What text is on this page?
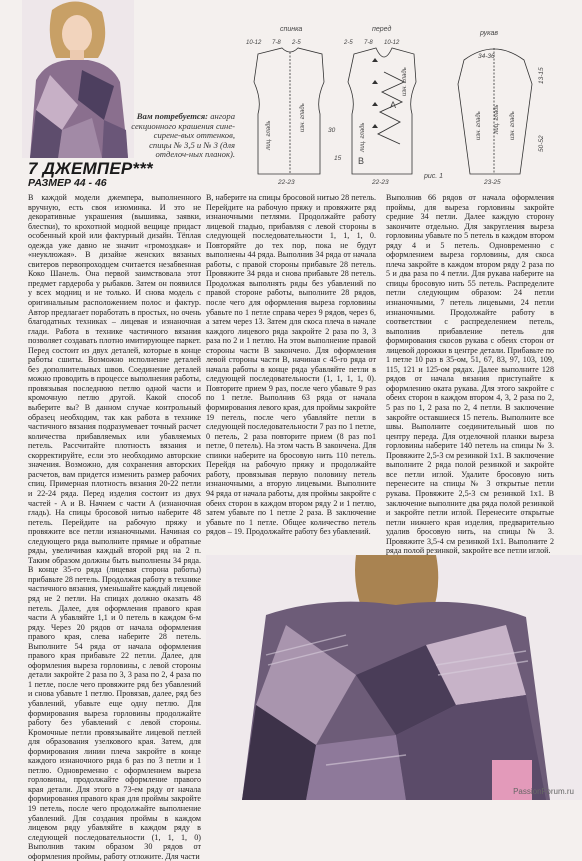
Вам потребуется: ангора секционного крашения сине-сирене-вых оттенков, спицы № 3,5 и № 3 (для отделоч-ных планок).
7 ДЖЕМПЕР***
РАЗМЕР 44 - 46
спинка	перед
рукав
10-12 7-8 2-5	2-5 7-8 10-12
34-36
22-23	22-23	23-25
30
15
A
B
рис. 1
лиц. гладь
изн. гладь
лиц. гладь
изн. гладь
изн. гладь лиц. гладь изн. гладь
13-15
50-52

В каждой модели джемпера, выполненного вручную, есть своя изюминка. И это не декоративные украшения (вышивка, заявки, блестки), то крохотной модной вещице придаст особенный крой или фактурный дизайн. Тёплая одежда уже давно не значит «громоздкая» и «неуклюжая». В дизайне женских вязаных свитеров первопроходцем считается незабвенная Коко Шанель. Она первой заимствовала этот предмет гардероба у рыбаков. Затем он появился у всех модниц и не только. И снова модель с оригинальным расположением полос и фактур. Автор предлагает поработать в простых, но очень благодатных техниках – лицевая и изнаночная глади. Работа в технике частичного вязания позволяет создавать плотно имитирующее паркет. Перед состоит из двух деталей, которые в конце работы сшиты. Возможно исполнение деталей без дополнительных швов. Соединение деталей можно проводить в процессе выполнения работы, провязывая последнюю петлю одной части и кромочную петлю другой. Какой способ выберите вы? В данном случае контрольный образец необходим, так как работа в технике частичного вязания подразумевает точный расчет количества прибавляемых или убавляемых петель. Рассчитайте плотность вязания и скорректируйте, если это необходимо авторские значения. Возможно, для сохранения авторских расчетов, вам придется изменить размер рабочих спиц. Примерная плотность вязания 20-22 петли и 22-24 ряда. Перед изделия состоит из двух частей - А и В. Начнем с части А (изнаночная гладь). На спицы бросовой нитью наберите 48 петель. Перейдите на рабочую пряжу и провяжите все петли изнаночными. Начиная со следующего ряда выполните прямые и обратные ряды, увеличивая каждый второй ряд на 2 п. Таким образом должны быть выполнены 34 ряда. В конце 35-го ряда (лицевая сторона работы) прибавьте 28 петель. Продолжая работу в технике частичного вязания, уменьшайте каждый лицевой ряд не 2 петли. На спицах должно оказать 48 петель. Далее, для оформления правого края части А убавляйте 1,1 и 0 петель в каждом 6-м ряду. Через 20 рядов от начала оформления правого края, слева наберите 28 петель. Выполните 54 ряда от начала оформления правого края прибавьте 22 петли. Далее, для оформления выреза горловины, с левой стороны детали закройте 2 раза по 3, 3 раза по 2, 4 раза по 1 петле, после чего провяжите ряд без убавлений и снова убавьте 1 петлю. Провязав, далее, ряд без убавлений, убавьте еще одну петлю. Для формирования выреза горловины продолжайте работу без убавлений с левой стороны. Кромочные петли провязывайте лицевой петлей для образования узелкового края. Затем, для формирования линии плеча закройте в конце каждого изнаночного ряда 6 раз по 3 петли и 1 петлю. Одновременно с оформлением выреза горловины, продолжайте оформление правого края детали. Для этого в 73-ем ряду от начала формирования правого края для проймы закройте 19 петель, после чего продолжайте выполнение убавлений. Для создания проймы в каждом лицевом ряду убавляйте в каждом ряду в следующей последовательности (1, 1, 1, 0) Выполнив таким образом 30 рядов от оформления проймы, работу отложите. Для части

В, наберите на спицы бросовой нитью 28 петель. Перейдите на рабочую пряжу и провяжите ряд изнаночными петлями. Продолжайте работу лицевой гладью, прибавляя с левой стороны в следующей последовательности 1, 1, 1, 0. Повторяйте до тех пор, пока не будут выполнены 44 ряда. Выполнив 34 ряда от начала работы, с правой стороны прибавьте 28 петель. Провяжите 34 ряда и снова прибавьте 28 петель. Продолжая выполнять ряды без убавлений по правой стороне работы, выполните 28 рядов, после чего для оформления выреза горловины убавьте по 1 петле справа через 9 рядов, через 6, а затем через 13. Затем для скоса плеча в начале каждого лицевого ряда закройте 2 раза по 3, 3 раза по 2 и 1 петлю. На этом выполнение правой стороны части В закончено. Для оформления левой стороны части В, начиная с 45-го ряда от начала работы в конце ряда убавляйте петли в следующей последовательности (1, 1, 1, 1, 0). Повторите прием 9 раз, после чего убавьте 9 раз по 1 петле. Выполнив 63 ряда от начала формирования левого края, для проймы закройте 19 петель, после чего убавляйте петли в следующей последовательности 7 раз по 1 петле, 0 петель, 2 раза повторите прием (8 раз по1 петле, 0 петель). На этом часть В закончена. Для спинки наберите на бросовую нить 110 петель. Перейдя на рабочую пряжу и продолжайте работу, провязывая первую половину петель изнаночными, а вторую лицевыми. Выполните 94 ряда от начала работы, для проймы закройте с обеих сторон в каждом втором ряду 2 и 1 петлю, затем убавьте по 1 петле 2 раза. В заключение убавьте по 1 петле. Общее количество петель рядов – 19. Продолжайте работу без убавлений.

Выполнив 66 рядов от начала оформления проймы, для выреза горловины закройте средние 34 петли. Далее каждую сторону закончите отдельно. Для закругления выреза горловины убавьте по 5 петель в каждом втором ряду 4 и 5 петель. Одновременно с оформлением выреза горловины, для скоса плеча закройте в каждом втором ряду 2 раза по 5 и два раза по 4 петли. Для рукава наберите на спицы бросовую нить 55 петель. Распределите петли следующим образом: 24 петли изнаночными, 7 петель лицевыми, 24 петли изнаночными. Продолжайте работу в соответствии с распределением петель, выполнив прибавление петель для формирования скосов рукава с обеих сторон от лицевой дорожки в центре детали. Прибавьте по 1 петле 10 раз в 35-ом, 51, 67, 83, 97, 103, 109, 115, 121 и 125-ом рядах. Далее выполните 128 рядов от начала вязания приступайте к оформлению оката рукава. Для этого закройте с обеих сторон в каждом втором 4, 3, 2 раза по 2, 5 раз по 1, 2 раза по 2, 4 петли. В заключение закройте оставшиеся 15 петель. Выполните все швы. Выполните соединительный шов по центру переда. Для отделочной планки выреза горловины наберите 140 петель на спицы № 3. Провяжите 2,5-3 см резинкой 1х1. В заключение выполните 2 ряда полой резинкой и закройте все петли иглой. Удалите бросовую нить перенесите на спицы № 3 открытые петли рукава. Провяжите 2,5-3 см резинкой 1х1. В заключение выполните два ряда полой резинкой и закройте петли иглой. Перенесите открытые петли нижнего края изделия, предварительно удалив бросовую нить, на спицы № 3. Провяжите 3,5-4 см резинкой 1х1. Выполните 2 ряда полой резинкой, закройте все петли иглой.

PassionForum.ru
